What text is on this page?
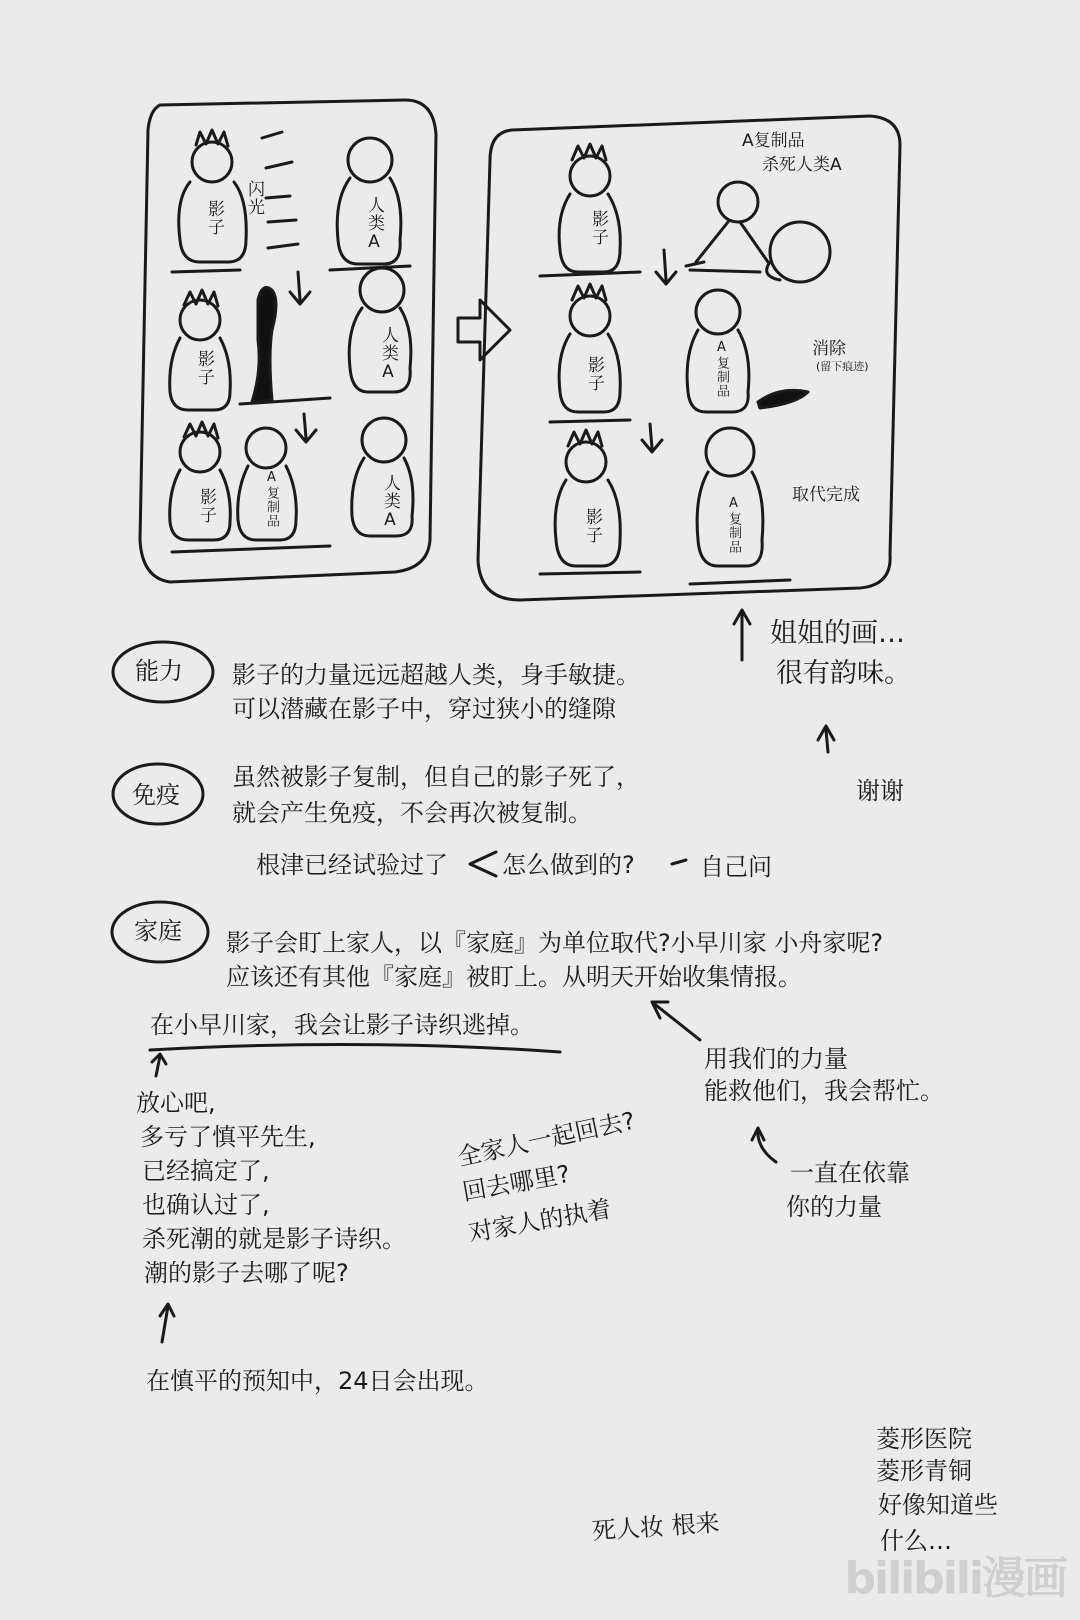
影子
闪光	人类A
影子	人类A
影子	A复制品	人类A
A复制品
杀死人类A
影子
影子	A复制品	消除
(留下痕迹)
影子	A复制品
取代完成
姐姐的画…
很有韵味。
谢谢
能力 影子的力量远远超越人类，身手敏捷。
可以潜藏在影子中，穿过狭小的缝隙
免疫
虽然被影子复制，但自己的影子死了，
就会产生免疫，不会再次被复制。
根津已经试验过了 怎么做到的?	自己问
家庭 影子会盯上家人，以『家庭』为单位取代?小早川家 小舟家呢?
应该还有其他『家庭』被盯上。从明天开始收集情报。
在小早川家，我会让影子诗织逃掉。
用我们的力量
能救他们，我会帮忙。
一直在依靠
你的力量
放心吧,
多亏了慎平先生,
已经搞定了,
也确认过了,
杀死潮的就是影子诗织。
潮的影子去哪了呢?
全家人一起回去?
回去哪里?
对家人的执着
在慎平的预知中，24日会出现。
死人妆 根来
菱形医院
菱形青铜
好像知道些
什么…
bilibili漫画
